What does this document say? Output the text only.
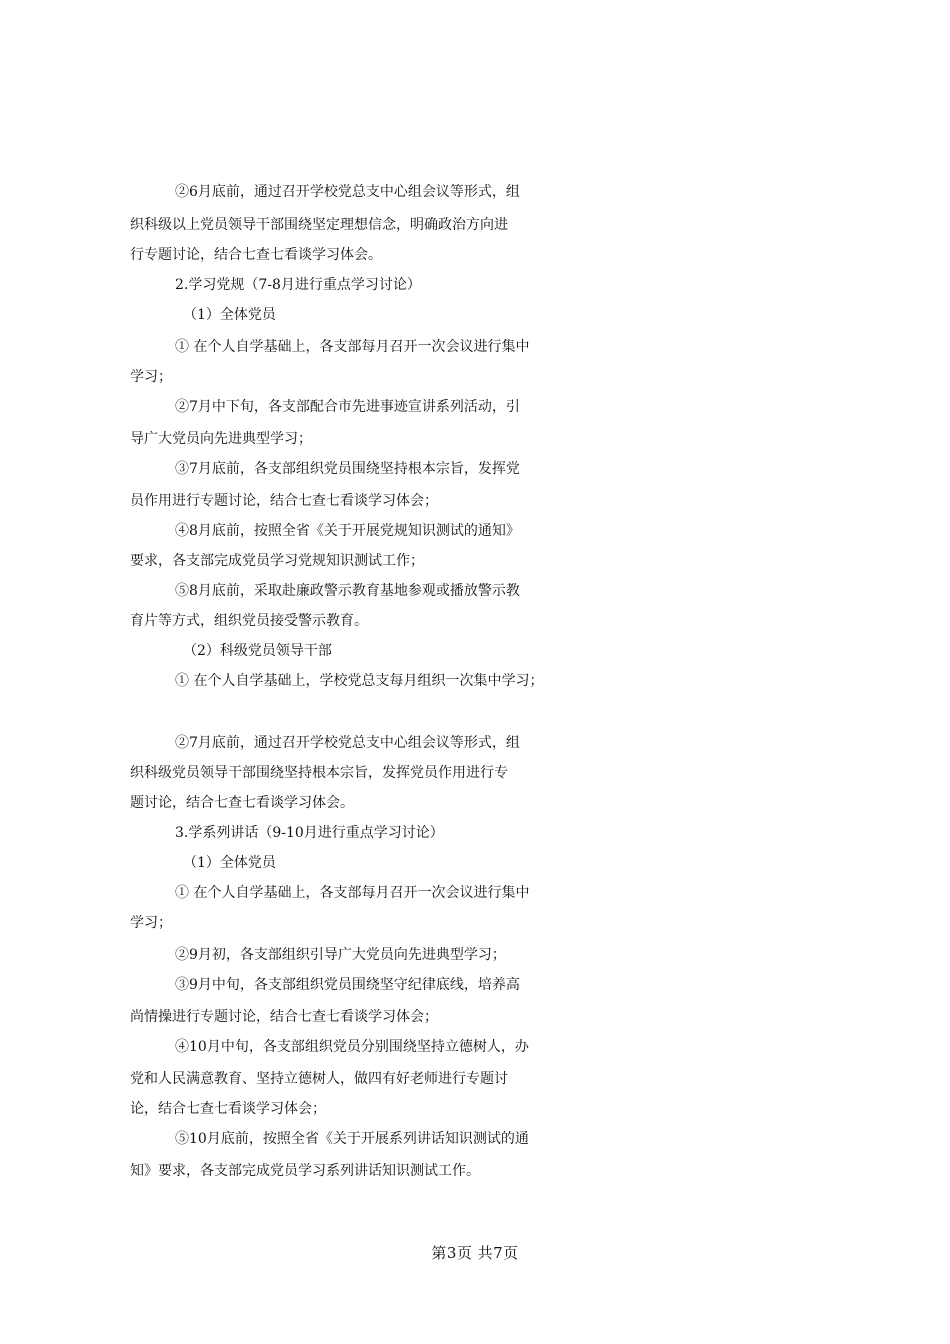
②6月底前，通过召开学校党总支中心组会议等形式，组
织科级以上党员领导干部围绕坚定理想信念，明确政治方向进
行专题讨论，结合七查七看谈学习体会。
2.学习党规（7-8月进行重点学习讨论）
（1）全体党员
① 在个人自学基础上，各支部每月召开一次会议进行集中
学习；
②7月中下旬，各支部配合市先进事迹宣讲系列活动，引
导广大党员向先进典型学习；
③7月底前，各支部组织党员围绕坚持根本宗旨，发挥党
员作用进行专题讨论，结合七查七看谈学习体会；
④8月底前，按照全省《关于开展党规知识测试的通知》
要求，各支部完成党员学习党规知识测试工作；
⑤8月底前，采取赴廉政警示教育基地参观或播放警示教
育片等方式，组织党员接受警示教育。
（2）科级党员领导干部
① 在个人自学基础上，学校党总支每月组织一次集中学习；
②7月底前，通过召开学校党总支中心组会议等形式，组
织科级党员领导干部围绕坚持根本宗旨，发挥党员作用进行专
题讨论，结合七查七看谈学习体会。
3.学系列讲话（9-10月进行重点学习讨论）
（1）全体党员
① 在个人自学基础上，各支部每月召开一次会议进行集中
学习；
②9月初，各支部组织引导广大党员向先进典型学习；
③9月中旬，各支部组织党员围绕坚守纪律底线，培养高
尚情操进行专题讨论，结合七查七看谈学习体会；
④10月中旬，各支部组织党员分别围绕坚持立德树人，办
党和人民满意教育、坚持立德树人，做四有好老师进行专题讨
论，结合七查七看谈学习体会；
⑤10月底前，按照全省《关于开展系列讲话知识测试的通
知》要求，各支部完成党员学习系列讲话知识测试工作。
第3页 共7页
